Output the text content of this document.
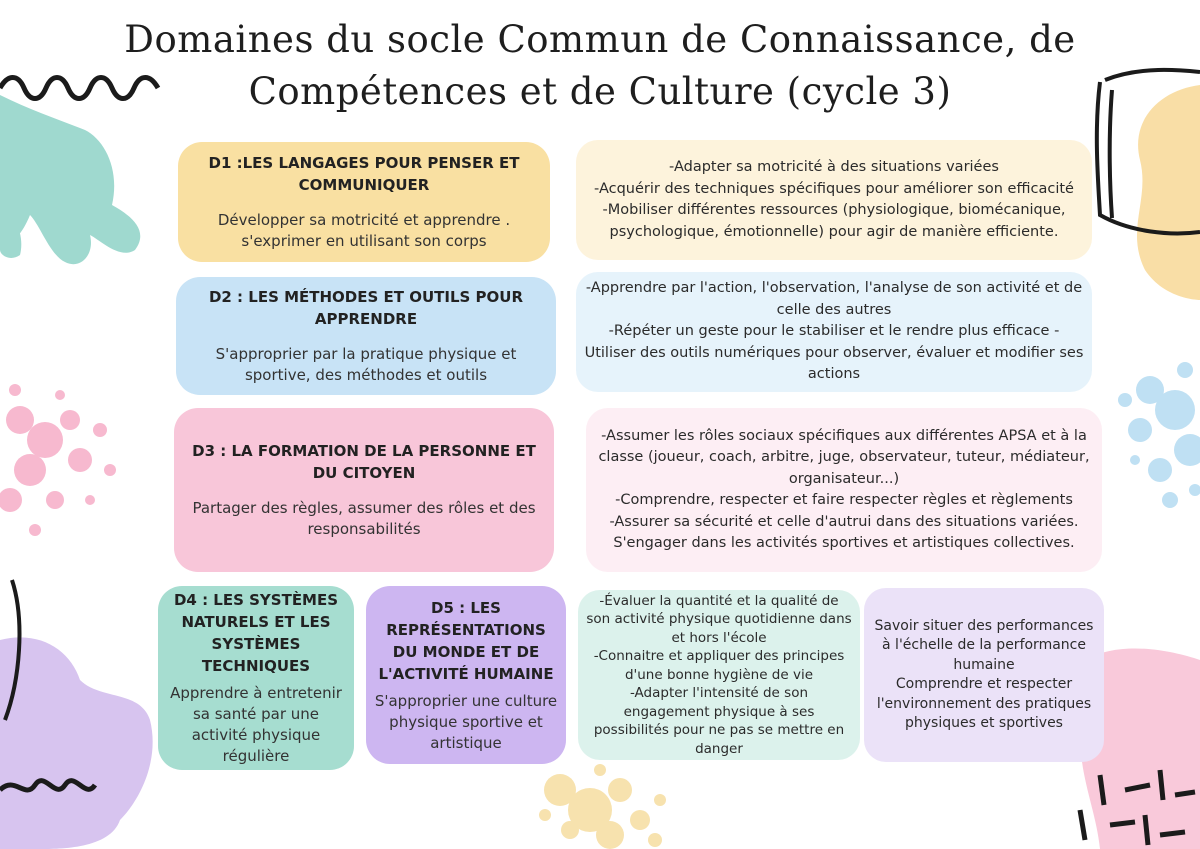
Domaines du socle Commun de Connaissance, de Compétences et de Culture (cycle 3)
D1 :LES LANGAGES POUR PENSER ET COMMUNIQUER
Développer sa motricité et apprendre . s'exprimer en utilisant son corps
-Adapter sa motricité à des situations variées
-Acquérir des techniques spécifiques pour améliorer son efficacité
-Mobiliser différentes ressources (physiologique, biomécanique, psychologique, émotionnelle) pour agir de manière efficiente.
D2 : LES MÉTHODES ET OUTILS POUR APPRENDRE
S'approprier par la pratique physique et sportive, des méthodes et outils
-Apprendre par l'action, l'observation, l'analyse de son activité et de celle des autres
-Répéter un geste pour le stabiliser et le rendre plus efficace -Utiliser des outils numériques pour observer, évaluer et modifier ses actions
D3 : LA FORMATION DE LA PERSONNE ET DU CITOYEN
Partager des règles, assumer des rôles et des responsabilités
-Assumer les rôles sociaux spécifiques aux différentes APSA et à la classe (joueur, coach, arbitre, juge, observateur, tuteur, médiateur, organisateur...)
-Comprendre, respecter et faire respecter règles et règlements
-Assurer sa sécurité et celle d'autrui dans des situations variées. S'engager dans les activités sportives et artistiques collectives.
D4 : LES SYSTÈMES NATURELS ET LES SYSTÈMES TECHNIQUES
Apprendre à entretenir sa santé par une activité physique régulière
-Évaluer la quantité et la qualité de son activité physique quotidienne dans et hors l'école
-Connaitre et appliquer des principes d'une bonne hygiène de vie
-Adapter l'intensité de son engagement physique à ses possibilités pour ne pas se mettre en danger
D5 : LES REPRÉSENTATIONS DU MONDE ET DE L'ACTIVITÉ HUMAINE
S'approprier une culture physique sportive et artistique
Savoir situer des performances à l'échelle de la performance humaine
Comprendre et respecter l'environnement des pratiques physiques et sportives
